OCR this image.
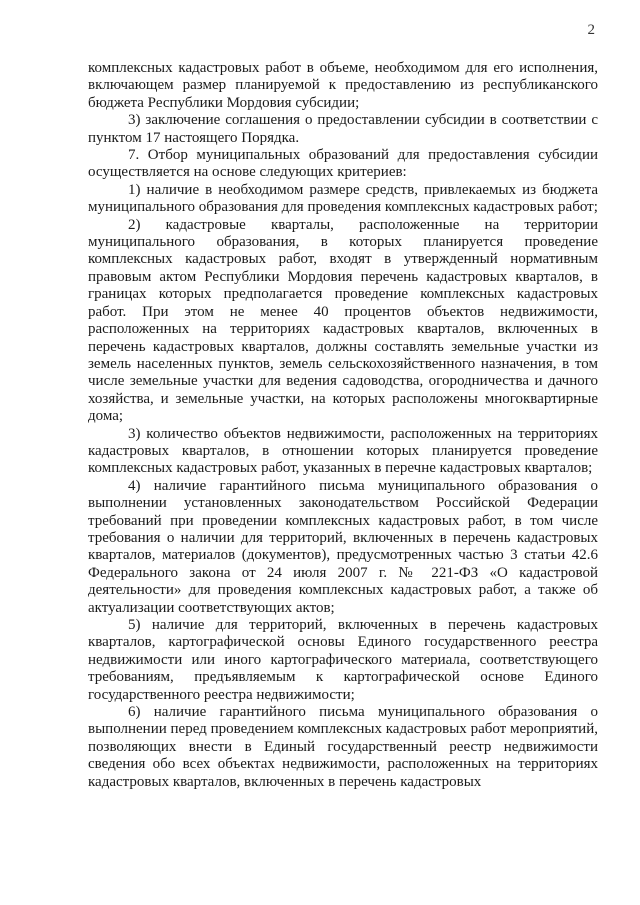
2

комплексных кадастровых работ в объеме, необходимом для его исполнения, включающем размер планируемой к предоставлению из республиканского бюджета Республики Мордовия субсидии;

3) заключение соглашения о предоставлении субсидии в соответствии с пунктом 17 настоящего Порядка.

7. Отбор муниципальных образований для предоставления субсидии осуществляется на основе следующих критериев:

1) наличие в необходимом размере средств, привлекаемых из бюджета муниципального образования для проведения комплексных кадастровых работ;

2) кадастровые кварталы, расположенные на территории муниципального образования, в которых планируется проведение комплексных кадастровых работ, входят в утвержденный нормативным правовым актом Республики Мордовия перечень кадастровых кварталов, в границах которых предполагается проведение комплексных кадастровых работ. При этом не менее 40 процентов объектов недвижимости, расположенных на территориях кадастровых кварталов, включенных в перечень кадастровых кварталов, должны составлять земельные участки из земель населенных пунктов, земель сельскохозяйственного назначения, в том числе земельные участки для ведения садоводства, огородничества и дачного хозяйства, и земельные участки, на которых расположены многоквартирные дома;

3) количество объектов недвижимости, расположенных на территориях кадастровых кварталов, в отношении которых планируется проведение комплексных кадастровых работ, указанных в перечне кадастровых кварталов;

4) наличие гарантийного письма муниципального образования о выполнении установленных законодательством Российской Федерации требований при проведении комплексных кадастровых работ, в том числе требования о наличии для территорий, включенных в перечень кадастровых кварталов, материалов (документов), предусмотренных частью 3 статьи 42.6 Федерального закона от 24 июля 2007 г. № 221-ФЗ «О кадастровой деятельности» для проведения комплексных кадастровых работ, а также об актуализации соответствующих актов;

5) наличие для территорий, включенных в перечень кадастровых кварталов, картографической основы Единого государственного реестра недвижимости или иного картографического материала, соответствующего требованиям, предъявляемым к картографической основе Единого государственного реестра недвижимости;

6) наличие гарантийного письма муниципального образования о выполнении перед проведением комплексных кадастровых работ мероприятий, позволяющих внести в Единый государственный реестр недвижимости сведения обо всех объектах недвижимости, расположенных на территориях кадастровых кварталов, включенных в перечень кадастровых
